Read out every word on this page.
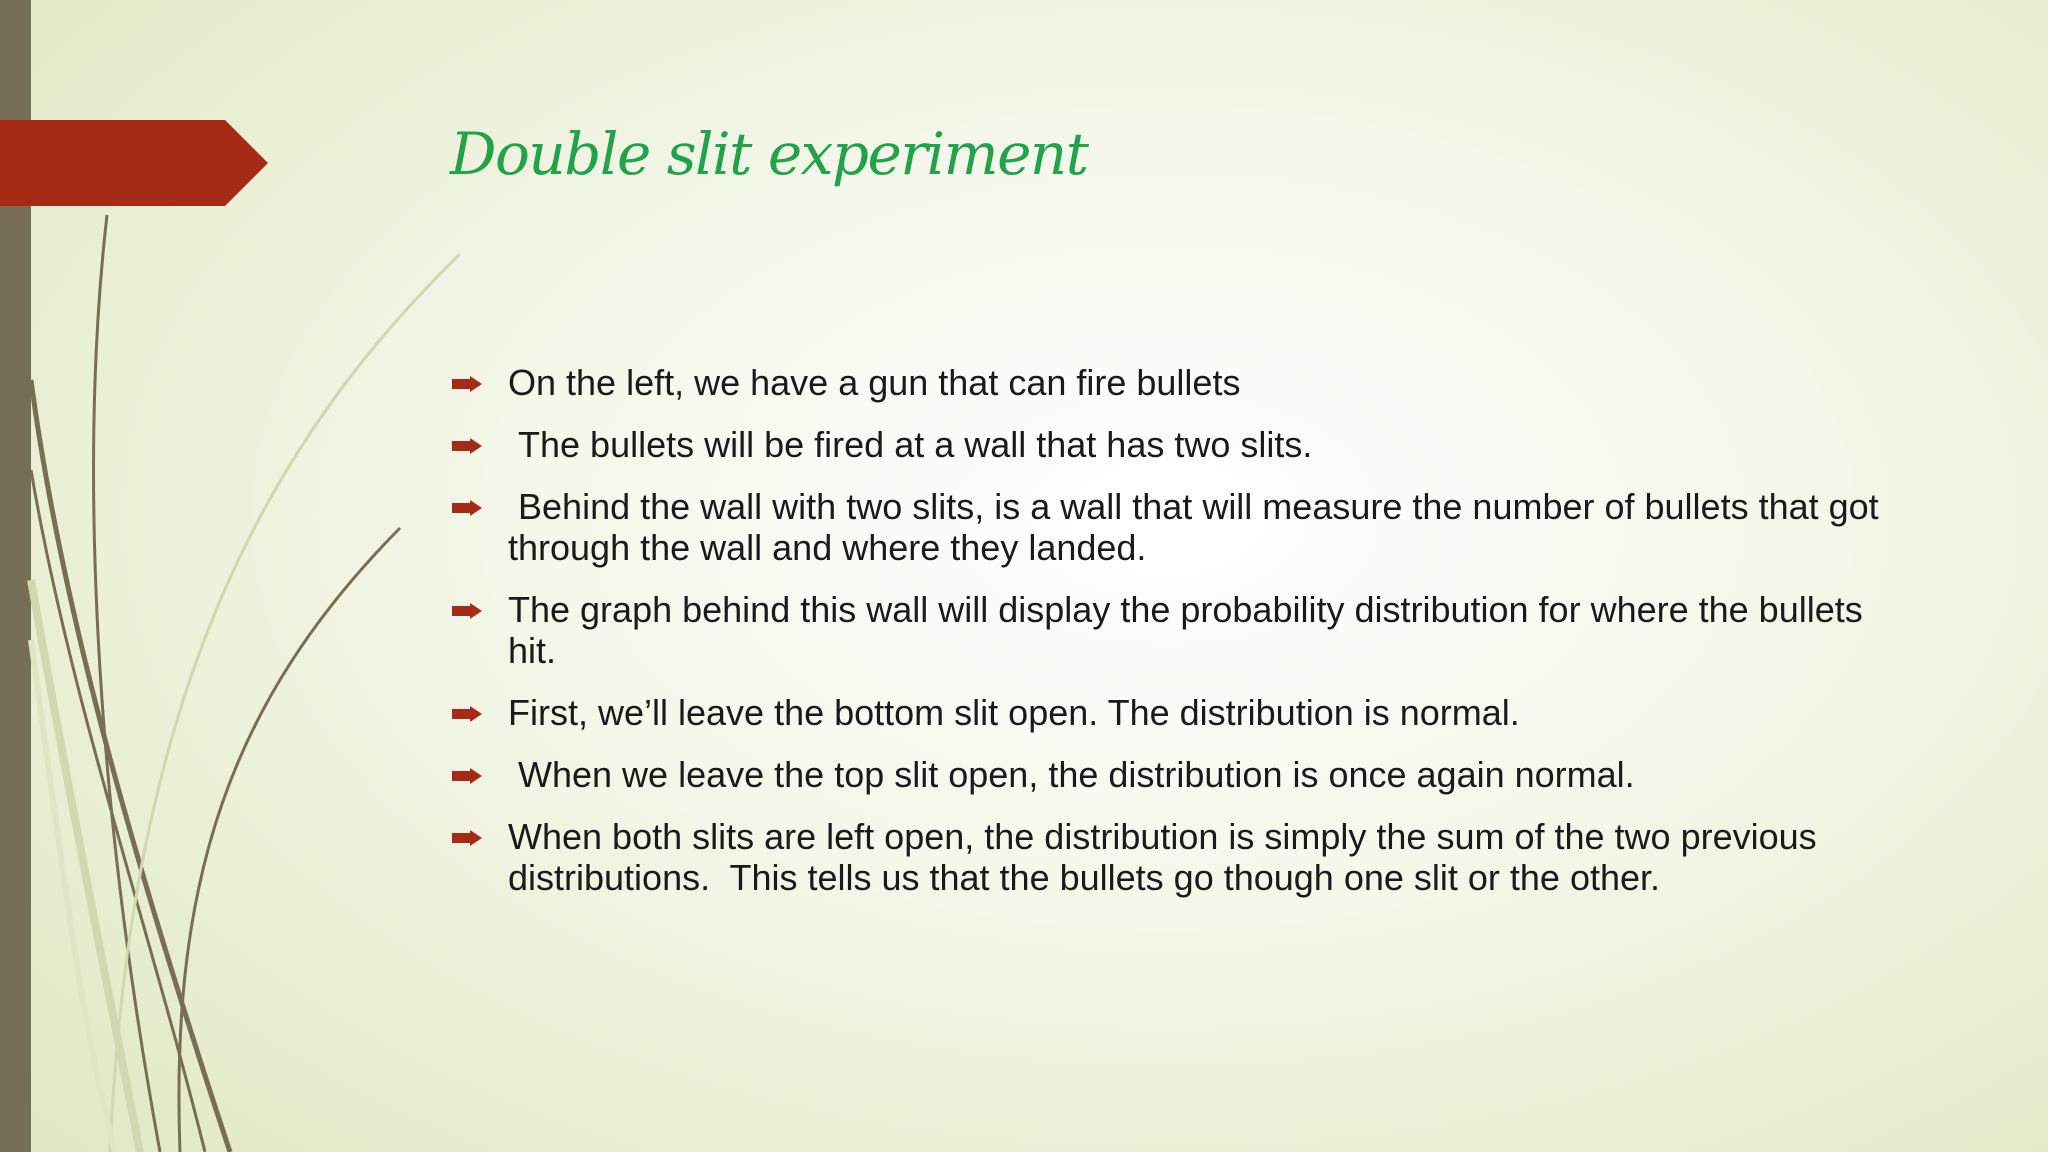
Double slit experiment
On the left, we have a gun that can fire bullets
The bullets will be fired at a wall that has two slits.
Behind the wall with two slits, is a wall that will measure the number of bullets that got through the wall and where they landed.
The graph behind this wall will display the probability distribution for where the bullets hit.
First, we’ll leave the bottom slit open. The distribution is normal.
When we leave the top slit open, the distribution is once again normal.
When both slits are left open, the distribution is simply the sum of the two previous distributions.  This tells us that the bullets go though one slit or the other.
